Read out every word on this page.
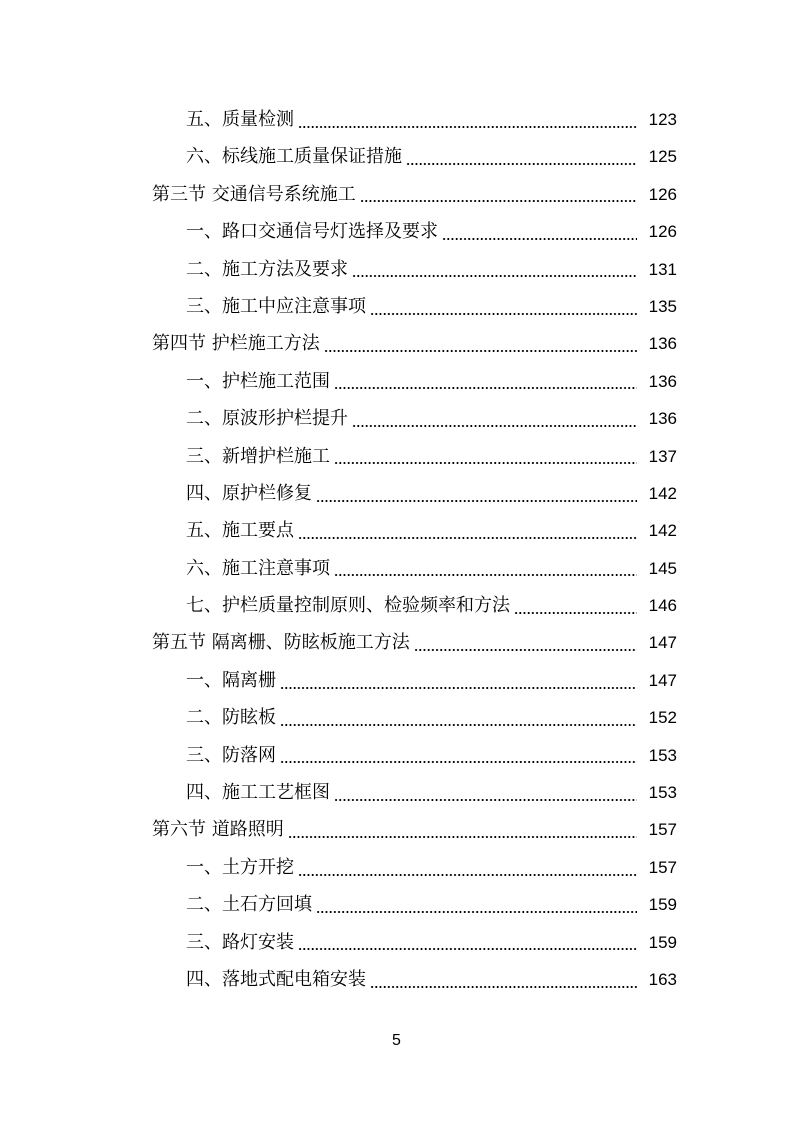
五、质量检测	123
六、标线施工质量保证措施	125
第三节 交通信号系统施工	126
一、路口交通信号灯选择及要求	126
二、施工方法及要求	131
三、施工中应注意事项	135
第四节 护栏施工方法	136
一、护栏施工范围	136
二、原波形护栏提升	136
三、新增护栏施工	137
四、原护栏修复	142
五、施工要点	142
六、施工注意事项	145
七、护栏质量控制原则、检验频率和方法	146
第五节 隔离栅、防眩板施工方法	147
一、隔离栅	147
二、防眩板	152
三、防落网	153
四、施工工艺框图	153
第六节 道路照明	157
一、土方开挖	157
二、土石方回填	159
三、路灯安装	159
四、落地式配电箱安装	163
5
